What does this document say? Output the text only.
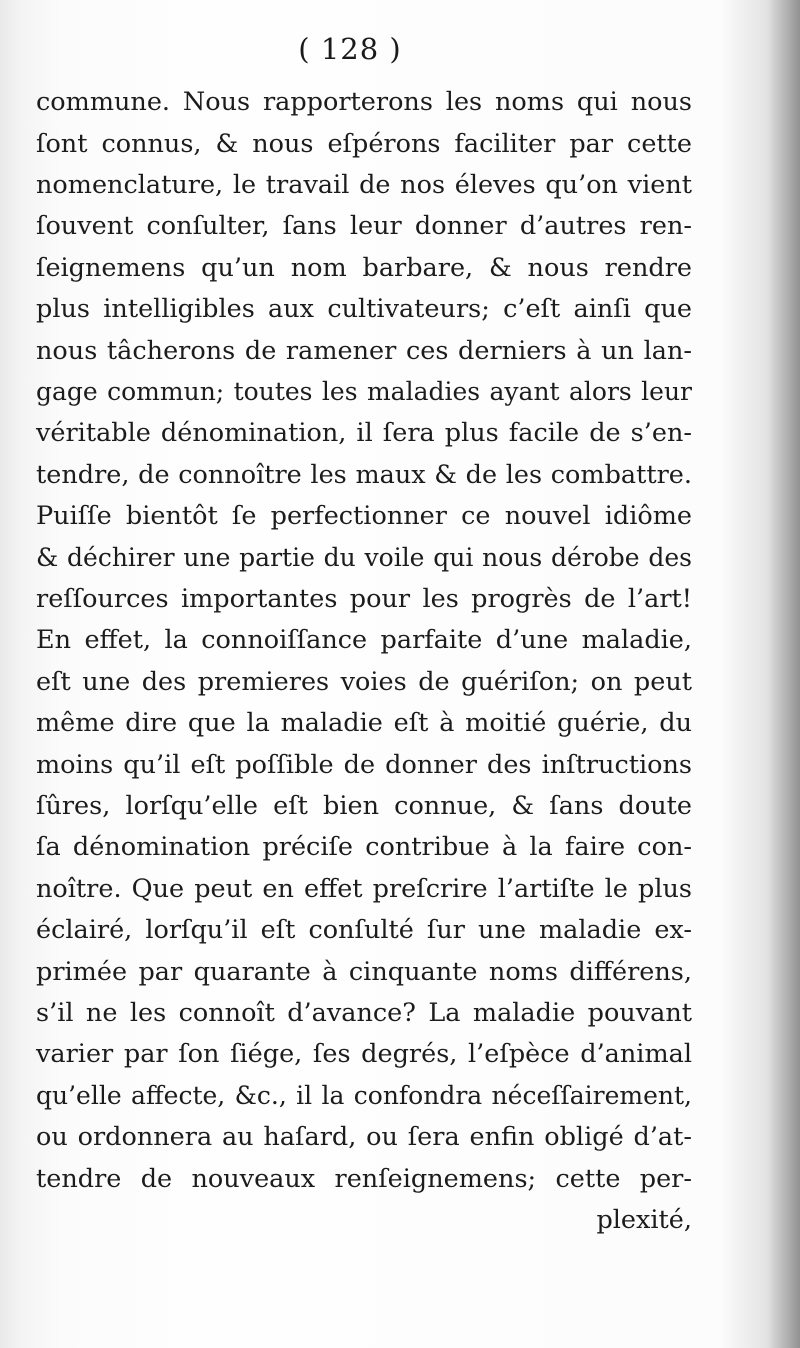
( 128 )

commune. Nous rapporterons les noms qui nous

ſont connus, & nous eſpérons faciliter par cette

nomenclature, le travail de nos éleves qu’on vient

ſouvent conſulter, ſans leur donner d’autres ren-

ſeignemens qu’un nom barbare, & nous rendre

plus intelligibles aux cultivateurs; c’eſt ainſi que

nous tâcherons de ramener ces derniers à un lan-

gage commun; toutes les maladies ayant alors leur

véritable dénomination, il ſera plus facile de s’en-

tendre, de connoître les maux & de les combattre.

Puiſſe bientôt ſe perfectionner ce nouvel idiôme

& déchirer une partie du voile qui nous dérobe des

reſſources importantes pour les progrès de l’art!

En effet, la connoiſſance parfaite d’une maladie,

eſt une des premieres voies de guériſon; on peut

même dire que la maladie eſt à moitié guérie, du

moins qu’il eſt poſſible de donner des inſtructions

ſûres, lorſqu’elle eſt bien connue, & ſans doute

ſa dénomination préciſe contribue à la faire con-

noître. Que peut en effet preſcrire l’artiſte le plus

éclairé, lorſqu’il eſt conſulté ſur une maladie ex-

primée par quarante à cinquante noms différens,

s’il ne les connoît d’avance? La maladie pouvant

varier par ſon ſiége, ſes degrés, l’eſpèce d’animal

qu’elle affecte, &c., il la confondra néceſſairement,

ou ordonnera au haſard, ou ſera enfin obligé d’at-

tendre de nouveaux renſeignemens; cette per-

plexité,
